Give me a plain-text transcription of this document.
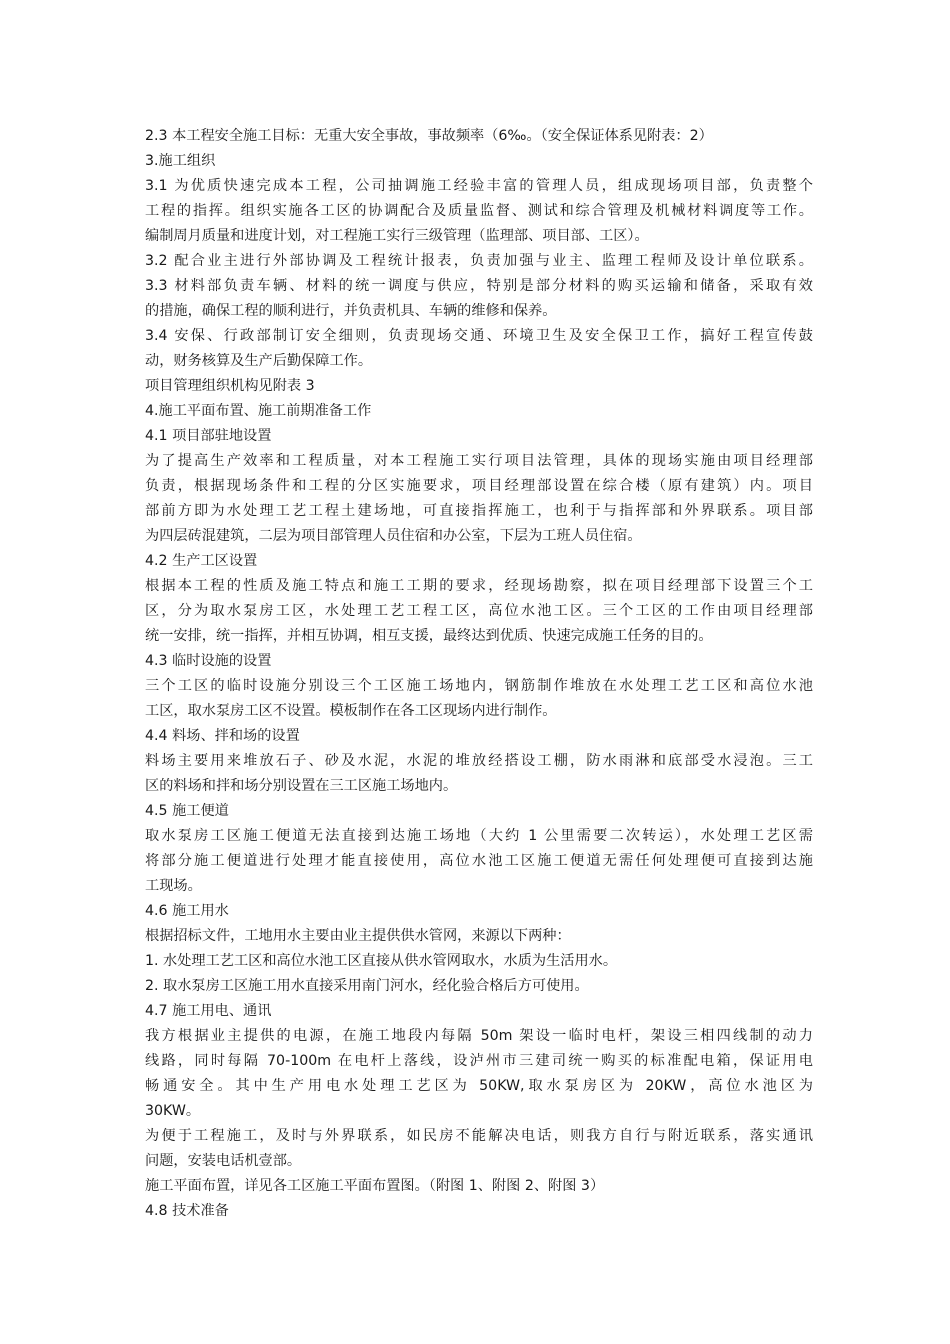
2.3 本工程安全施工目标：无重大安全事故，事故频率（6‰。（安全保证体系见附表：2）
3.施工组织
3.1 为优质快速完成本工程，公司抽调施工经验丰富的管理人员，组成现场项目部，负责整个
工程的指挥。组织实施各工区的协调配合及质量监督、测试和综合管理及机械材料调度等工作。
编制周月质量和进度计划，对工程施工实行三级管理（监理部、项目部、工区）。
3.2 配合业主进行外部协调及工程统计报表，负责加强与业主、监理工程师及设计单位联系。
3.3 材料部负责车辆、材料的统一调度与供应，特别是部分材料的购买运输和储备，采取有效
的措施，确保工程的顺利进行，并负责机具、车辆的维修和保养。
3.4 安保、行政部制订安全细则，负责现场交通、环境卫生及安全保卫工作，搞好工程宣传鼓
动，财务核算及生产后勤保障工作。
项目管理组织机构见附表 3
4.施工平面布置、施工前期准备工作
4.1 项目部驻地设置
为了提高生产效率和工程质量，对本工程施工实行项目法管理，具体的现场实施由项目经理部
负责，根据现场条件和工程的分区实施要求，项目经理部设置在综合楼（原有建筑）内。项目
部前方即为水处理工艺工程土建场地，可直接指挥施工，也利于与指挥部和外界联系。项目部
为四层砖混建筑，二层为项目部管理人员住宿和办公室，下层为工班人员住宿。
4.2 生产工区设置
根据本工程的性质及施工特点和施工工期的要求，经现场勘察，拟在项目经理部下设置三个工
区，分为取水泵房工区，水处理工艺工程工区，高位水池工区。三个工区的工作由项目经理部
统一安排，统一指挥，并相互协调，相互支援，最终达到优质、快速完成施工任务的目的。
4.3 临时设施的设置
三个工区的临时设施分别设三个工区施工场地内，钢筋制作堆放在水处理工艺工区和高位水池
工区，取水泵房工区不设置。模板制作在各工区现场内进行制作。
4.4 料场、拌和场的设置
料场主要用来堆放石子、砂及水泥，水泥的堆放经搭设工棚，防水雨淋和底部受水浸泡。三工
区的料场和拌和场分别设置在三工区施工场地内。
4.5 施工便道
取水泵房工区施工便道无法直接到达施工场地（大约 1 公里需要二次转运），水处理工艺区需
将部分施工便道进行处理才能直接使用，高位水池工区施工便道无需任何处理便可直接到达施
工现场。
4.6 施工用水
根据招标文件，工地用水主要由业主提供供水管网，来源以下两种：
1. 水处理工艺工区和高位水池工区直接从供水管网取水，水质为生活用水。
2. 取水泵房工区施工用水直接采用南门河水，经化验合格后方可使用。
4.7 施工用电、通讯
我方根据业主提供的电源，在施工地段内每隔 50m 架设一临时电杆，架设三相四线制的动力
线路，同时每隔 70-100m 在电杆上落线，设泸州市三建司统一购买的标准配电箱，保证用电
畅通安全。其中生产用电水处理工艺区为 50KW,取水泵房区为 20KW，高位水池区为
30KW。
为便于工程施工，及时与外界联系，如民房不能解决电话，则我方自行与附近联系，落实通讯
问题，安装电话机壹部。
施工平面布置，详见各工区施工平面布置图。（附图 1、附图 2、附图 3）
4.8 技术准备
